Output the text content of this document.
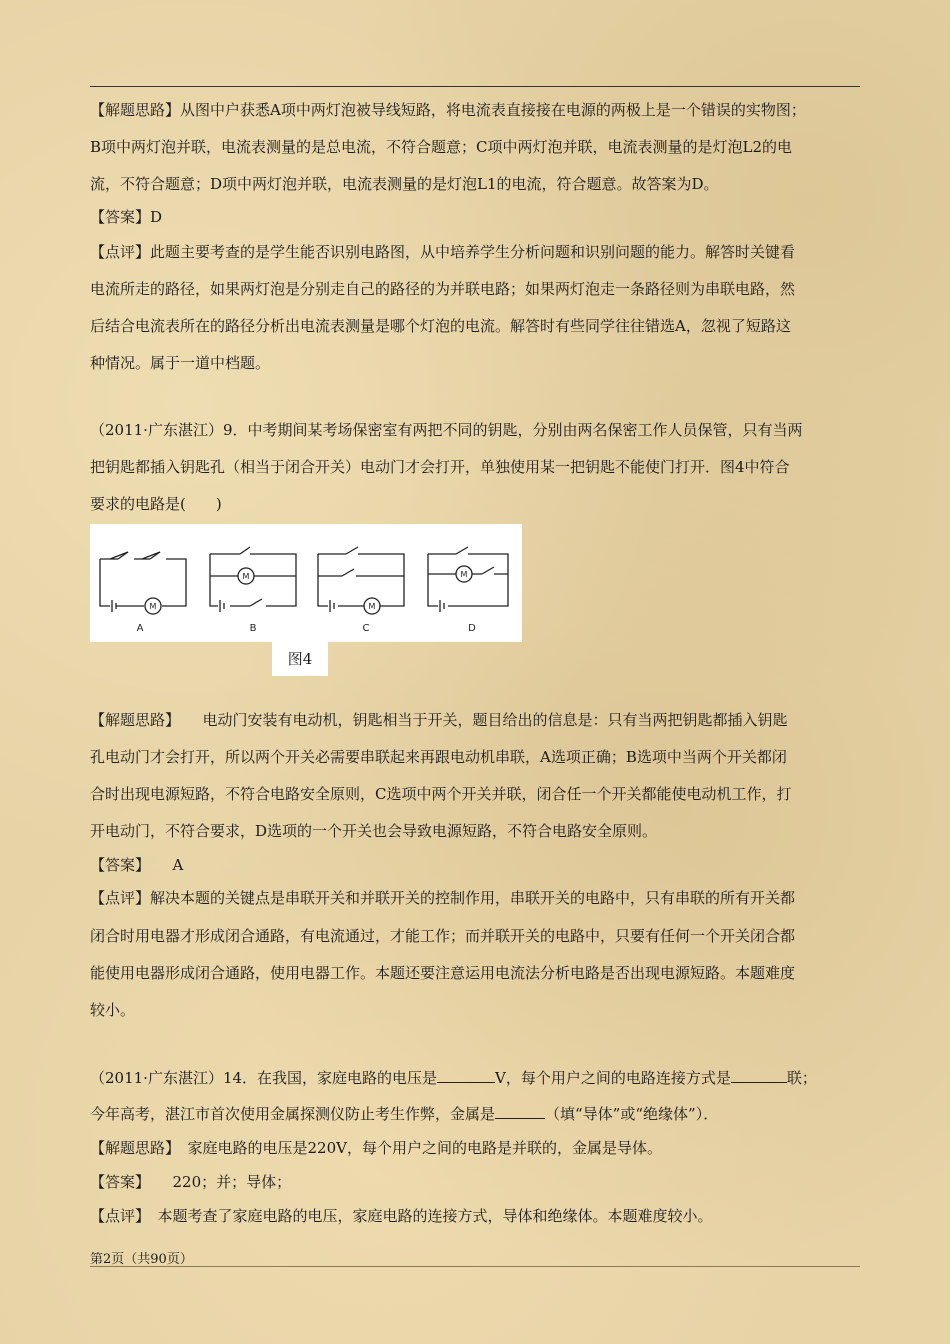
【解题思路】从图中户获悉A项中两灯泡被导线短路，将电流表直接接在电源的两极上是一个错误的实物图；
B项中两灯泡并联，电流表测量的是总电流，不符合题意；C项中两灯泡并联，电流表测量的是灯泡L2的电
流，不符合题意；D项中两灯泡并联，电流表测量的是灯泡L1的电流，符合题意。故答案为D。
【答案】D
【点评】此题主要考查的是学生能否识别电路图，从中培养学生分析问题和识别问题的能力。解答时关键看
电流所走的路径，如果两灯泡是分别走自己的路径的为并联电路；如果两灯泡走一条路径则为串联电路，然
后结合电流表所在的路径分析出电流表测量是哪个灯泡的电流。解答时有些同学往往错选A，忽视了短路这
种情况。属于一道中档题。
（2011·广东湛江）9．中考期间某考场保密室有两把不同的钥匙，分别由两名保密工作人员保管，只有当两
把钥匙都插入钥匙孔（相当于闭合开关）电动门才会打开，单独使用某一把钥匙不能使门打开．图4中符合
要求的电路是(　　)
M
M
M
M
A	B	C	D
图4
【解题思路】　　电动门安装有电动机，钥匙相当于开关，题目给出的信息是：只有当两把钥匙都插入钥匙
孔电动门才会打开，所以两个开关必需要串联起来再跟电动机串联，A选项正确；B选项中当两个开关都闭
合时出现电源短路，不符合电路安全原则，C选项中两个开关并联，闭合任一个开关都能使电动机工作，打
开电动门，不符合要求，D选项的一个开关也会导致电源短路，不符合电路安全原则。
【答案】　　A
【点评】解决本题的关键点是串联开关和并联开关的控制作用，串联开关的电路中，只有串联的所有开关都
闭合时用电器才形成闭合通路，有电流通过，才能工作；而并联开关的电路中，只要有任何一个开关闭合都
能使用电器形成闭合通路，使用电器工作。本题还要注意运用电流法分析电路是否出现电源短路。本题难度
较小。
（2011·广东湛江）14．在我国，家庭电路的电压是	V，每个用户之间的电路连接方式是	联；
今年高考，湛江市首次使用金属探测仪防止考生作弊，金属是	（填“导体”或“绝缘体”）．
【解题思路】　家庭电路的电压是220V，每个用户之间的电路是并联的，金属是导体。
【答案】　　220；并；导体；
【点评】　本题考查了家庭电路的电压，家庭电路的连接方式，导体和绝缘体。本题难度较小。
第2页（共90页）
